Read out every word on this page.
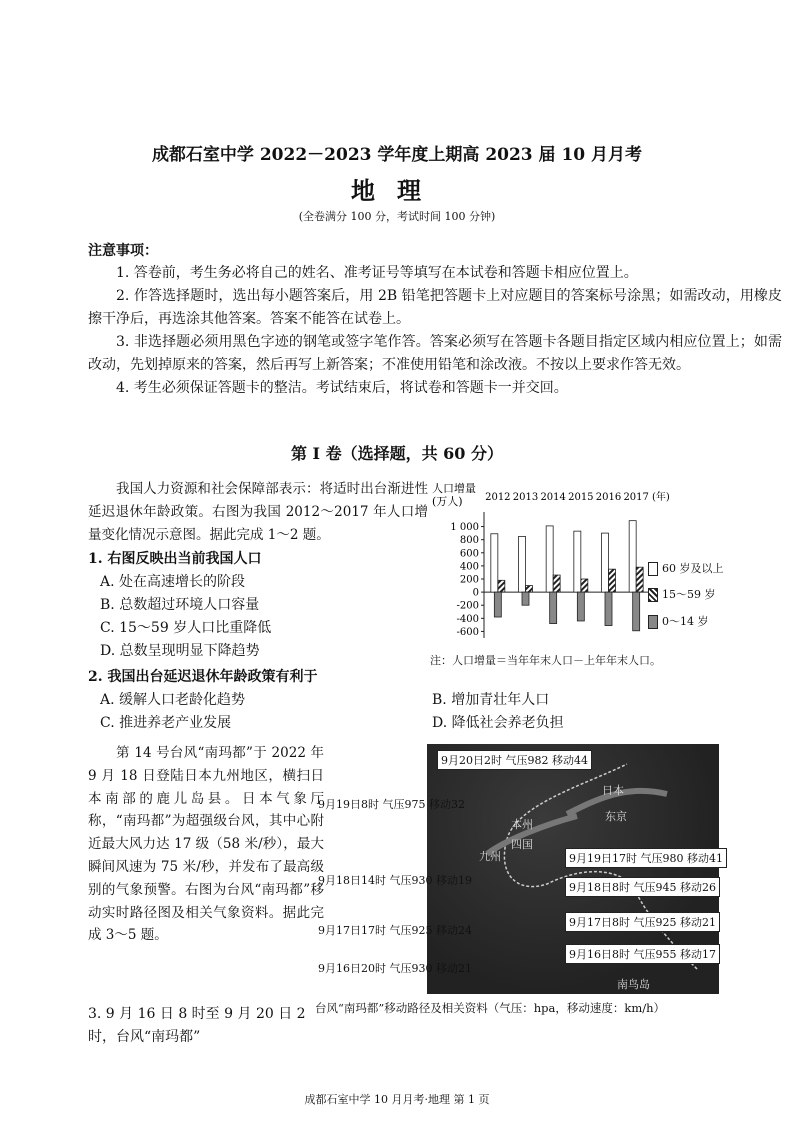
成都石室中学 2022－2023 学年度上期高 2023 届 10 月月考
地理
(全卷满分 100 分，考试时间 100 分钟)
注意事项：

1. 答卷前，考生务必将自己的姓名、准考证号等填写在本试卷和答题卡相应位置上。

2. 作答选择题时，选出每小题答案后，用 2B 铅笔把答题卡上对应题目的答案标号涂黑；如需改动，用橡皮擦干净后，再选涂其他答案。答案不能答在试卷上。

3. 非选择题必须用黑色字迹的钢笔或签字笔作答。答案必须写在答题卡各题目指定区域内相应位置上；如需改动，先划掉原来的答案，然后再写上新答案；不准使用铅笔和涂改液。不按以上要求作答无效。

4. 考生必须保证答题卡的整洁。考试结束后，将试卷和答题卡一并交回。

第 I 卷（选择题，共 60 分）
我国人力资源和社会保障部表示：将适时出台渐进性延迟退休年龄政策。右图为我国 2012～2017 年人口增量变化情况示意图。据此完成 1～2 题。
1. 右图反映出当前我国人口
A. 处在高速增长的阶段
B. 总数超过环境人口容量
C. 15～59 岁人口比重降低
D. 总数呈现明显下降趋势
2. 我国出台延迟退休年龄政策有利于
A. 缓解人口老龄化趋势	B. 增加青壮年人口
C. 推进养老产业发展	D. 降低社会养老负担
人口增量
(万人)
1 000
800
600
400
200
0
-200
-400
-600
2012 2013 2014 2015 2016 2017 (年)
60 岁及以上
15～59 岁
0～14 岁
注：人口增量＝当年年末人口－上年年末人口。
第 14 号台风“南玛都”于 2022 年 9 月 18 日登陆日本九州地区，横扫日本南部的鹿儿岛县。日本气象厅称，“南玛都”为超强级台风，其中心附近最大风力达 17 级（58 米/秒），最大瞬间风速为 75 米/秒，并发布了最高级别的气象预警。右图为台风“南玛都”移动实时路径图及相关气象资料。据此完成 3～5 题。
日本
东京
本州
四国
九州
南鸟岛
9月20日2时 气压982 移动44
9月19日8时 气压975 移动32
9月19日17时 气压980 移动41
9月18日14时 气压930 移动19
9月18日8时 气压945 移动26
9月17日17时 气压925 移动24
9月17日8时 气压925 移动21
9月16日20时 气压930 移动21
9月16日8时 气压955 移动17
台风“南玛都”移动路径及相关资料（气压：hpa，移动速度：km/h）
3. 9 月 16 日 8 时至 9 月 20 日 2 时，台风“南玛都”
成都石室中学 10 月月考·地理 第 1 页
